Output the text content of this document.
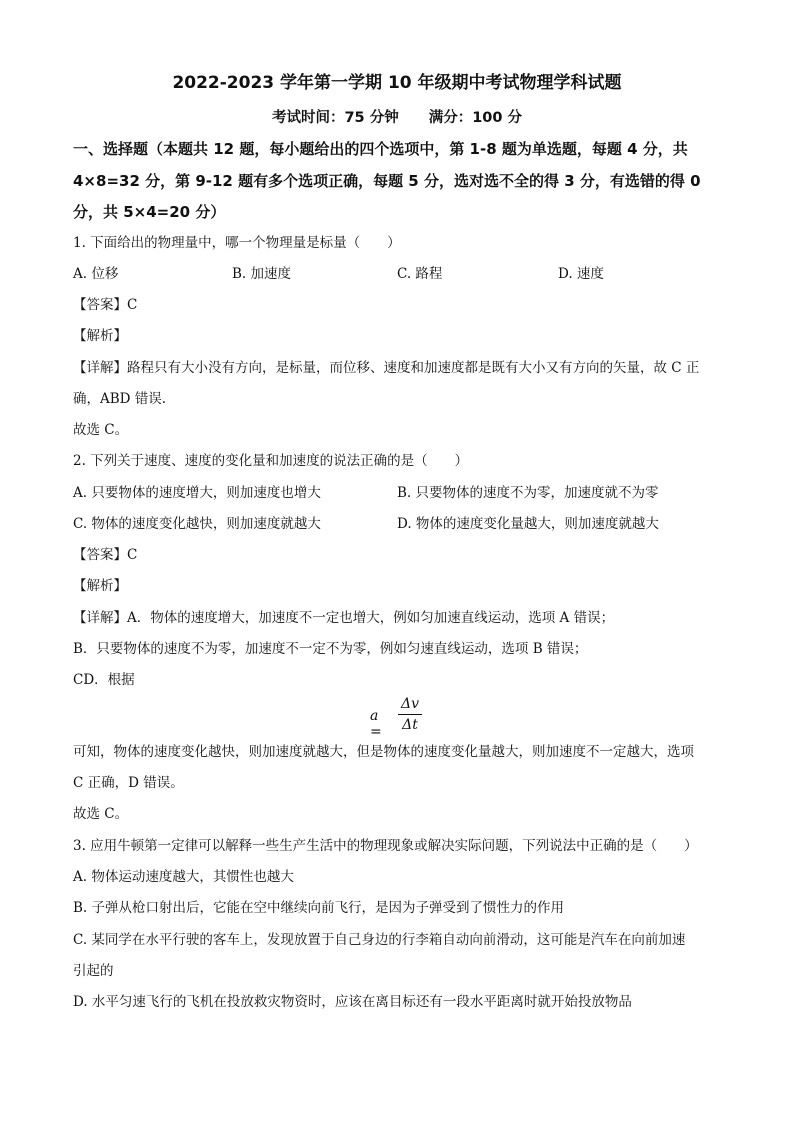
2022-2023 学年第一学期 10 年级期中考试物理学科试题
考试时间：75 分钟 满分：100 分
一、选择题（本题共 12 题，每小题给出的四个选项中，第 1-8 题为单选题，每题 4 分，共
4×8=32 分，第 9-12 题有多个选项正确，每题 5 分，选对选不全的得 3 分，有选错的得 0
分，共 5×4=20 分）
1. 下面给出的物理量中，哪一个物理量是标量（　　）
A. 位移	B. 加速度	C. 路程	D. 速度
【答案】C
【解析】
【详解】路程只有大小没有方向，是标量，而位移、速度和加速度都是既有大小又有方向的矢量，故 C 正
确，ABD 错误.
故选 C。
2. 下列关于速度、速度的变化量和加速度的说法正确的是（　　）
A. 只要物体的速度增大，则加速度也增大	B. 只要物体的速度不为零，加速度就不为零
C. 物体的速度变化越快，则加速度就越大	D. 物体的速度变化量越大，则加速度就越大
【答案】C
【解析】
【详解】A．物体的速度增大，加速度不一定也增大，例如匀加速直线运动，选项 A 错误；
B．只要物体的速度不为零，加速度不一定不为零，例如匀速直线运动，选项 B 错误；
CD．根据
a =
Δv
Δt
可知，物体的速度变化越快，则加速度就越大，但是物体的速度变化量越大，则加速度不一定越大，选项
C 正确，D 错误。
故选 C。
3. 应用牛顿第一定律可以解释一些生产生活中的物理现象或解决实际问题，下列说法中正确的是（　　）
A. 物体运动速度越大，其惯性也越大
B. 子弹从枪口射出后，它能在空中继续向前飞行，是因为子弹受到了惯性力的作用
C. 某同学在水平行驶的客车上，发现放置于自己身边的行李箱自动向前滑动，这可能是汽车在向前加速
引起的
D. 水平匀速飞行的飞机在投放救灾物资时，应该在离目标还有一段水平距离时就开始投放物品
